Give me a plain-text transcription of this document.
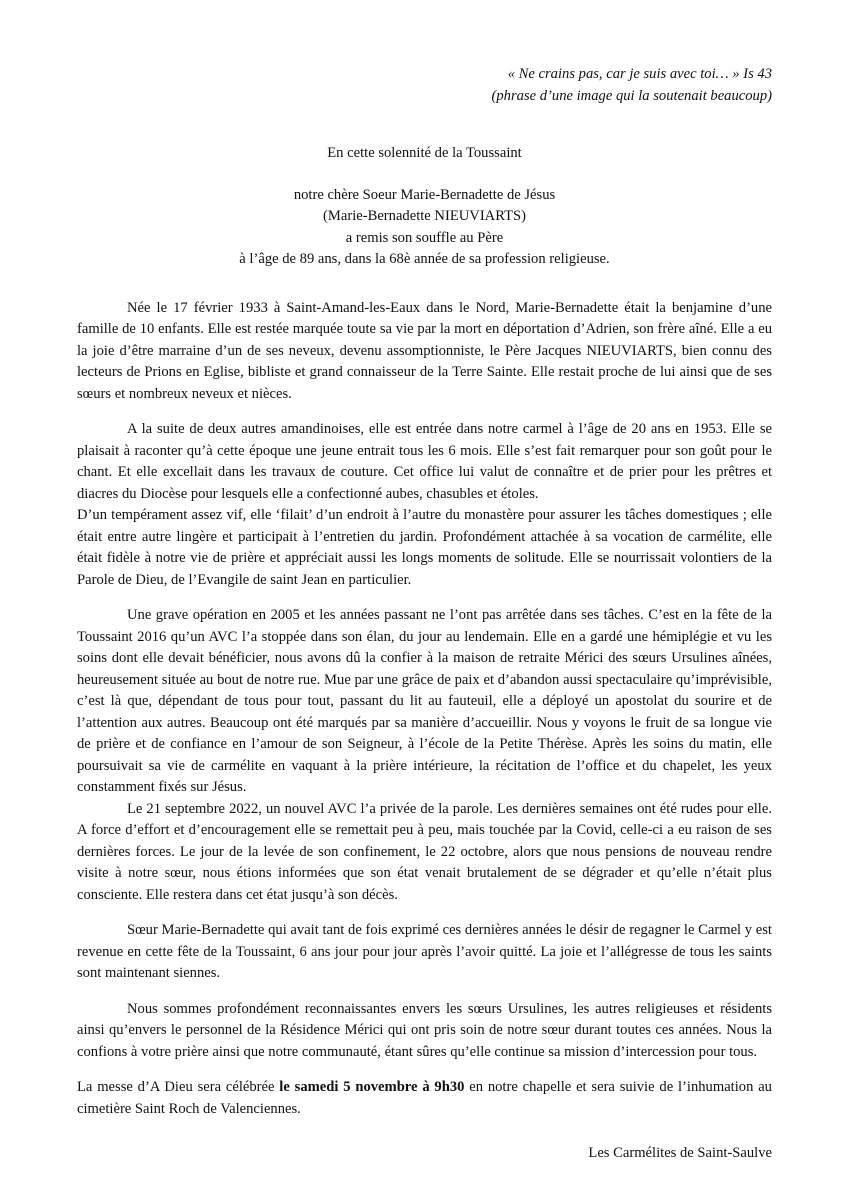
« Ne crains pas, car je suis avec toi… » Is 43
(phrase d’une image qui la soutenait beaucoup)
En cette solennité de la Toussaint
notre chère Soeur Marie-Bernadette de Jésus
(Marie-Bernadette NIEUVIARTS)
a remis son souffle au Père
à l’âge de 89 ans, dans la 68è année de sa profession religieuse.

Née le 17 février 1933 à Saint-Amand-les-Eaux dans le Nord, Marie-Bernadette était la benjamine d’une famille de 10 enfants. Elle est restée marquée toute sa vie par la mort en déportation d’Adrien, son frère aîné. Elle a eu la joie d’être marraine d’un de ses neveux, devenu assomptionniste, le Père Jacques NIEUVIARTS, bien connu des lecteurs de Prions en Eglise, bibliste et grand connaisseur de la Terre Sainte. Elle restait proche de lui ainsi que de ses sœurs et nombreux neveux et nièces.

A la suite de deux autres amandinoises, elle est entrée dans notre carmel à l’âge de 20 ans en 1953. Elle se plaisait à raconter qu’à cette époque une jeune entrait tous les 6 mois. Elle s’est fait remarquer pour son goût pour le chant. Et elle excellait dans les travaux de couture. Cet office lui valut de connaître et de prier pour les prêtres et diacres du Diocèse pour lesquels elle a confectionné aubes, chasubles et étoles.

D’un tempérament assez vif, elle ‘filait’ d’un endroit à l’autre du monastère pour assurer les tâches domestiques ; elle était entre autre lingère et participait à l’entretien du jardin. Profondément attachée à sa vocation de carmélite, elle était fidèle à notre vie de prière et appréciait aussi les longs moments de solitude. Elle se nourrissait volontiers de la Parole de Dieu, de l’Evangile de saint Jean en particulier.

Une grave opération en 2005 et les années passant ne l’ont pas arrêtée dans ses tâches. C’est en la fête de la Toussaint 2016 qu’un AVC l’a stoppée dans son élan, du jour au lendemain. Elle en a gardé une hémiplégie et vu les soins dont elle devait bénéficier, nous avons dû la confier à la maison de retraite Mérici des sœurs Ursulines aînées, heureusement située au bout de notre rue. Mue par une grâce de paix et d’abandon aussi spectaculaire qu’imprévisible, c’est là que, dépendant de tous pour tout, passant du lit au fauteuil, elle a déployé un apostolat du sourire et de l’attention aux autres. Beaucoup ont été marqués par sa manière d’accueillir. Nous y voyons le fruit de sa longue vie de prière et de confiance en l’amour de son Seigneur, à l’école de la Petite Thérèse. Après les soins du matin, elle poursuivait sa vie de carmélite en vaquant à la prière intérieure, la récitation de l’office et du chapelet, les yeux constamment fixés sur Jésus.

Le 21 septembre 2022, un nouvel AVC l’a privée de la parole. Les dernières semaines ont été rudes pour elle. A force d’effort et d’encouragement elle se remettait peu à peu, mais touchée par la Covid, celle-ci a eu raison de ses dernières forces. Le jour de la levée de son confinement, le 22 octobre, alors que nous pensions de nouveau rendre visite à notre sœur, nous étions informées que son état venait brutalement de se dégrader et qu’elle n’était plus consciente. Elle restera dans cet état jusqu’à son décès.

Sœur Marie-Bernadette qui avait tant de fois exprimé ces dernières années le désir de regagner le Carmel y est revenue en cette fête de la Toussaint, 6 ans jour pour jour après l’avoir quitté. La joie et l’allégresse de tous les saints sont maintenant siennes.

Nous sommes profondément reconnaissantes envers les sœurs Ursulines, les autres religieuses et résidents ainsi qu’envers le personnel de la Résidence Mérici qui ont pris soin de notre sœur durant toutes ces années. Nous la confions à votre prière ainsi que notre communauté, étant sûres qu’elle continue sa mission d’intercession pour tous.

La messe d’A Dieu sera célébrée le samedi 5 novembre à 9h30 en notre chapelle et sera suivie de l’inhumation au cimetière Saint Roch de Valenciennes.

Les Carmélites de Saint-Saulve
